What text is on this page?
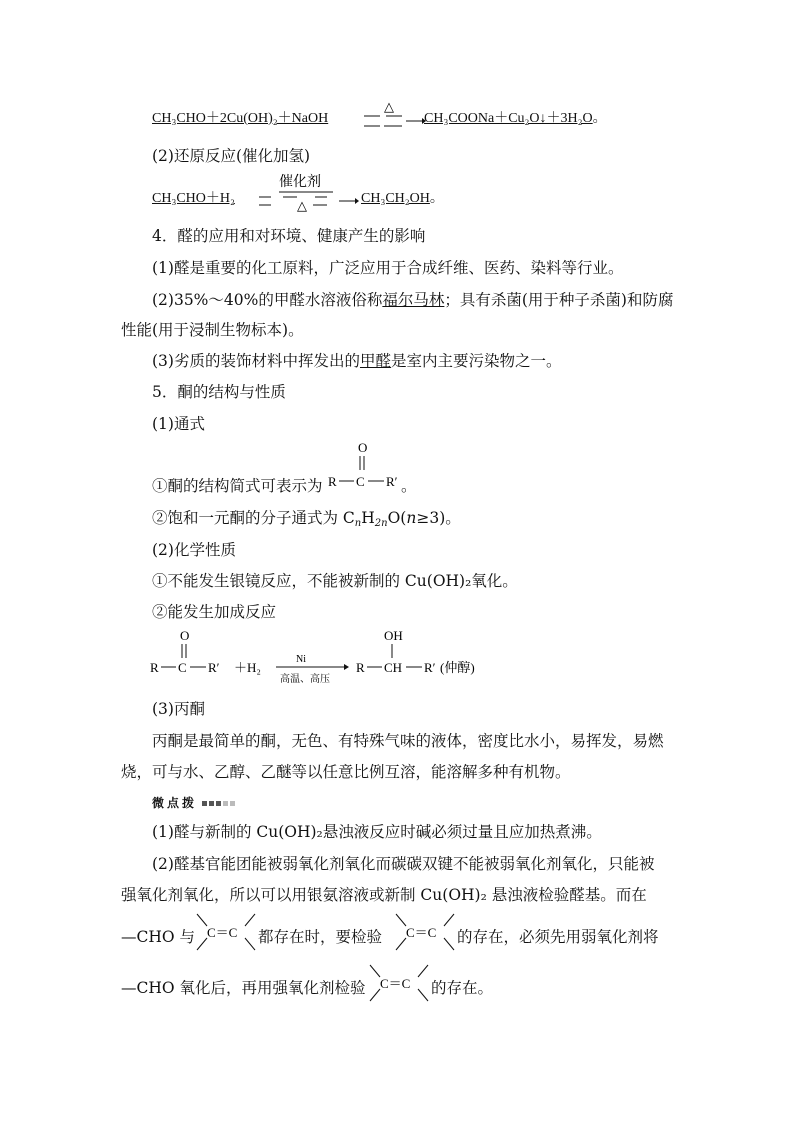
CH₃CHO＋2Cu(OH)₂＋NaOH
△
CH₃COONa＋Cu₂O↓＋3H₂O。
(2)还原反应(催化加氢)
CH₃CHO＋H₂
催化剂
△	CH₃CH₂OH。
4．醛的应用和对环境、健康产生的影响
(1)醛是重要的化工原料，广泛应用于合成纤维、医药、染料等行业。
(2)35%～40%的甲醛水溶液俗称福尔马林；具有杀菌(用于种子杀菌)和防腐
性能(用于浸制生物标本)。
(3)劣质的装饰材料中挥发出的甲醛是室内主要污染物之一。
5．酮的结构与性质
(1)通式
①酮的结构简式可表示为
O
R C R′ 。
②饱和一元酮的分子通式为 $C_nH_{2n}O(n\ge 3)$。
(2)化学性质
①不能发生银镜反应，不能被新制的 Cu(OH)₂氧化。
②能发生加成反应
O
R C R′ ＋H₂
Ni
高温、高压
OH
R CH R′ (仲醇)
(3)丙酮
丙酮是最简单的酮，无色、有特殊气味的液体，密度比水小，易挥发，易燃
烧，可与水、乙醇、乙醚等以任意比例互溶，能溶解多种有机物。
微点拨
(1)醛与新制的 Cu(OH)₂悬浊液反应时碱必须过量且应加热煮沸。
(2)醛基官能团能被弱氧化剂氧化而碳碳双键不能被弱氧化剂氧化，只能被
强氧化剂氧化，所以可以用银氨溶液或新制 Cu(OH)₂ 悬浊液检验醛基。而在
—CHO 与 C＝C 都存在时，要检验 C＝C 的存在，必须先用弱氧化剂将
—CHO 氧化后，再用强氧化剂检验 C＝C 的存在。
